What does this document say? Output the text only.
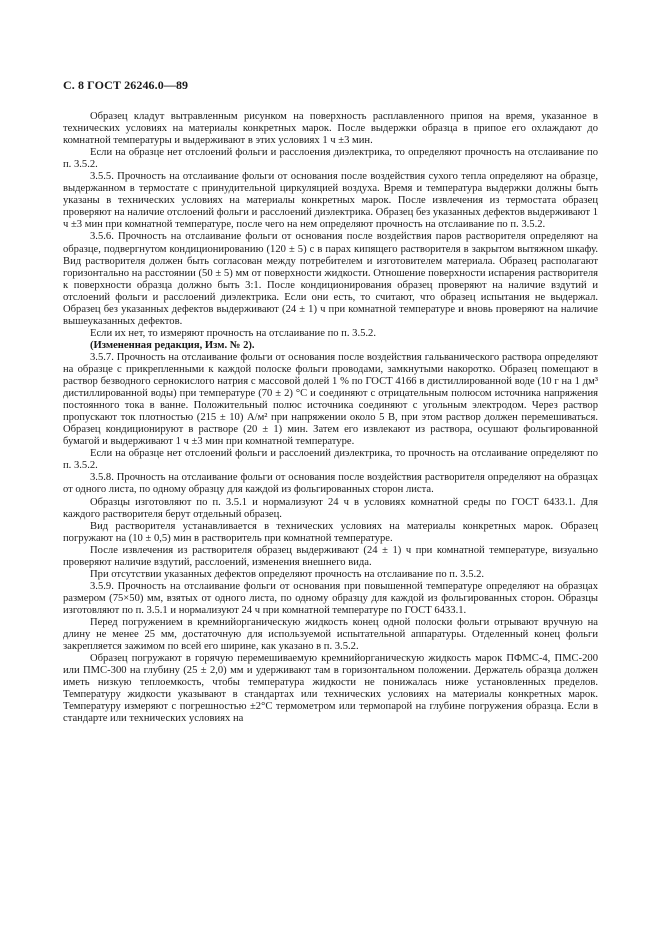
С. 8 ГОСТ 26246.0—89

Образец кладут вытравленным рисунком на поверхность расплавленного припоя на время, указанное в технических условиях на материалы конкретных марок. После выдержки образца в припое его охлаждают до комнатной температуры и выдерживают в этих условиях 1 ч ±3 мин.

Если на образце нет отслоений фольги и расслоения диэлектрика, то определяют прочность на отслаивание по п. 3.5.2.

3.5.5. Прочность на отслаивание фольги от основания после воздействия сухого тепла определяют на образце, выдержанном в термостате с принудительной циркуляцией воздуха. Время и температура выдержки должны быть указаны в технических условиях на материалы конкретных марок. После извлечения из термостата образец проверяют на наличие отслоений фольги и расслоений диэлектрика. Образец без указанных дефектов выдерживают 1 ч ±3 мин при комнатной температуре, после чего на нем определяют прочность на отслаивание по п. 3.5.2.

3.5.6. Прочность на отслаивание фольги от основания после воздействия паров растворителя определяют на образце, подвергнутом кондиционированию (120 ± 5) с в парах кипящего растворителя в закрытом вытяжном шкафу. Вид растворителя должен быть согласован между потребителем и изготовителем материала. Образец располагают горизонтально на расстоянии (50 ± 5) мм от поверхности жидкости. Отношение поверхности испарения растворителя к поверхности образца должно быть 3:1. После кондиционирования образец проверяют на наличие вздутий и отслоений фольги и расслоений диэлектрика. Если они есть, то считают, что образец испытания не выдержал. Образец без указанных дефектов выдерживают (24 ± 1) ч при комнатной температуре и вновь проверяют на наличие вышеуказанных дефектов.

Если их нет, то измеряют прочность на отслаивание по п. 3.5.2.

(Измененная редакция, Изм. № 2).

3.5.7. Прочность на отслаивание фольги от основания после воздействия гальванического раствора определяют на образце с прикрепленными к каждой полоске фольги проводами, замкнутыми накоротко. Образец помещают в раствор безводного сернокислого натрия с массовой долей 1 % по ГОСТ 4166 в дистиллированной воде (10 г на 1 дм³ дистиллированной воды) при температуре (70 ± 2) °С и соединяют с отрицательным полюсом источника напряжения постоянного тока в ванне. Положительный полюс источника соединяют с угольным электродом. Через раствор пропускают ток плотностью (215 ± 10) А/м² при напряжении около 5 В, при этом раствор должен перемешиваться. Образец кондиционируют в растворе (20 ± 1) мин. Затем его извлекают из раствора, осушают фольгированной бумагой и выдерживают 1 ч ±3 мин при комнатной температуре.

Если на образце нет отслоений фольги и расслоений диэлектрика, то прочность на отслаивание определяют по п. 3.5.2.

3.5.8. Прочность на отслаивание фольги от основания после воздействия растворителя определяют на образцах от одного листа, по одному образцу для каждой из фольгированных сторон листа.

Образцы изготовляют по п. 3.5.1 и нормализуют 24 ч в условиях комнатной среды по ГОСТ 6433.1. Для каждого растворителя берут отдельный образец.

Вид растворителя устанавливается в технических условиях на материалы конкретных марок. Образец погружают на (10 ± 0,5) мин в растворитель при комнатной температуре.

После извлечения из растворителя образец выдерживают (24 ± 1) ч при комнатной температуре, визуально проверяют наличие вздутий, расслоений, изменения внешнего вида.

При отсутствии указанных дефектов определяют прочность на отслаивание по п. 3.5.2.

3.5.9. Прочность на отслаивание фольги от основания при повышенной температуре определяют на образцах размером (75×50) мм, взятых от одного листа, по одному образцу для каждой из фольгированных сторон. Образцы изготовляют по п. 3.5.1 и нормализуют 24 ч при комнатной температуре по ГОСТ 6433.1.

Перед погружением в кремнийорганическую жидкость конец одной полоски фольги отрывают вручную на длину не менее 25 мм, достаточную для используемой испытательной аппаратуры. Отделенный конец фольги закрепляется зажимом по всей его ширине, как указано в п. 3.5.2.

Образец погружают в горячую перемешиваемую кремнийорганическую жидкость марок ПФМС-4, ПМС-200 или ПМС-300 на глубину (25 ± 2,0) мм и удерживают там в горизонтальном положении. Держатель образца должен иметь низкую теплоемкость, чтобы температура жидкости не понижалась ниже установленных пределов. Температуру жидкости указывают в стандартах или технических условиях на материалы конкретных марок. Температуру измеряют с погрешностью ±2°С термометром или термопарой на глубине погружения образца. Если в стандарте или технических условиях на
